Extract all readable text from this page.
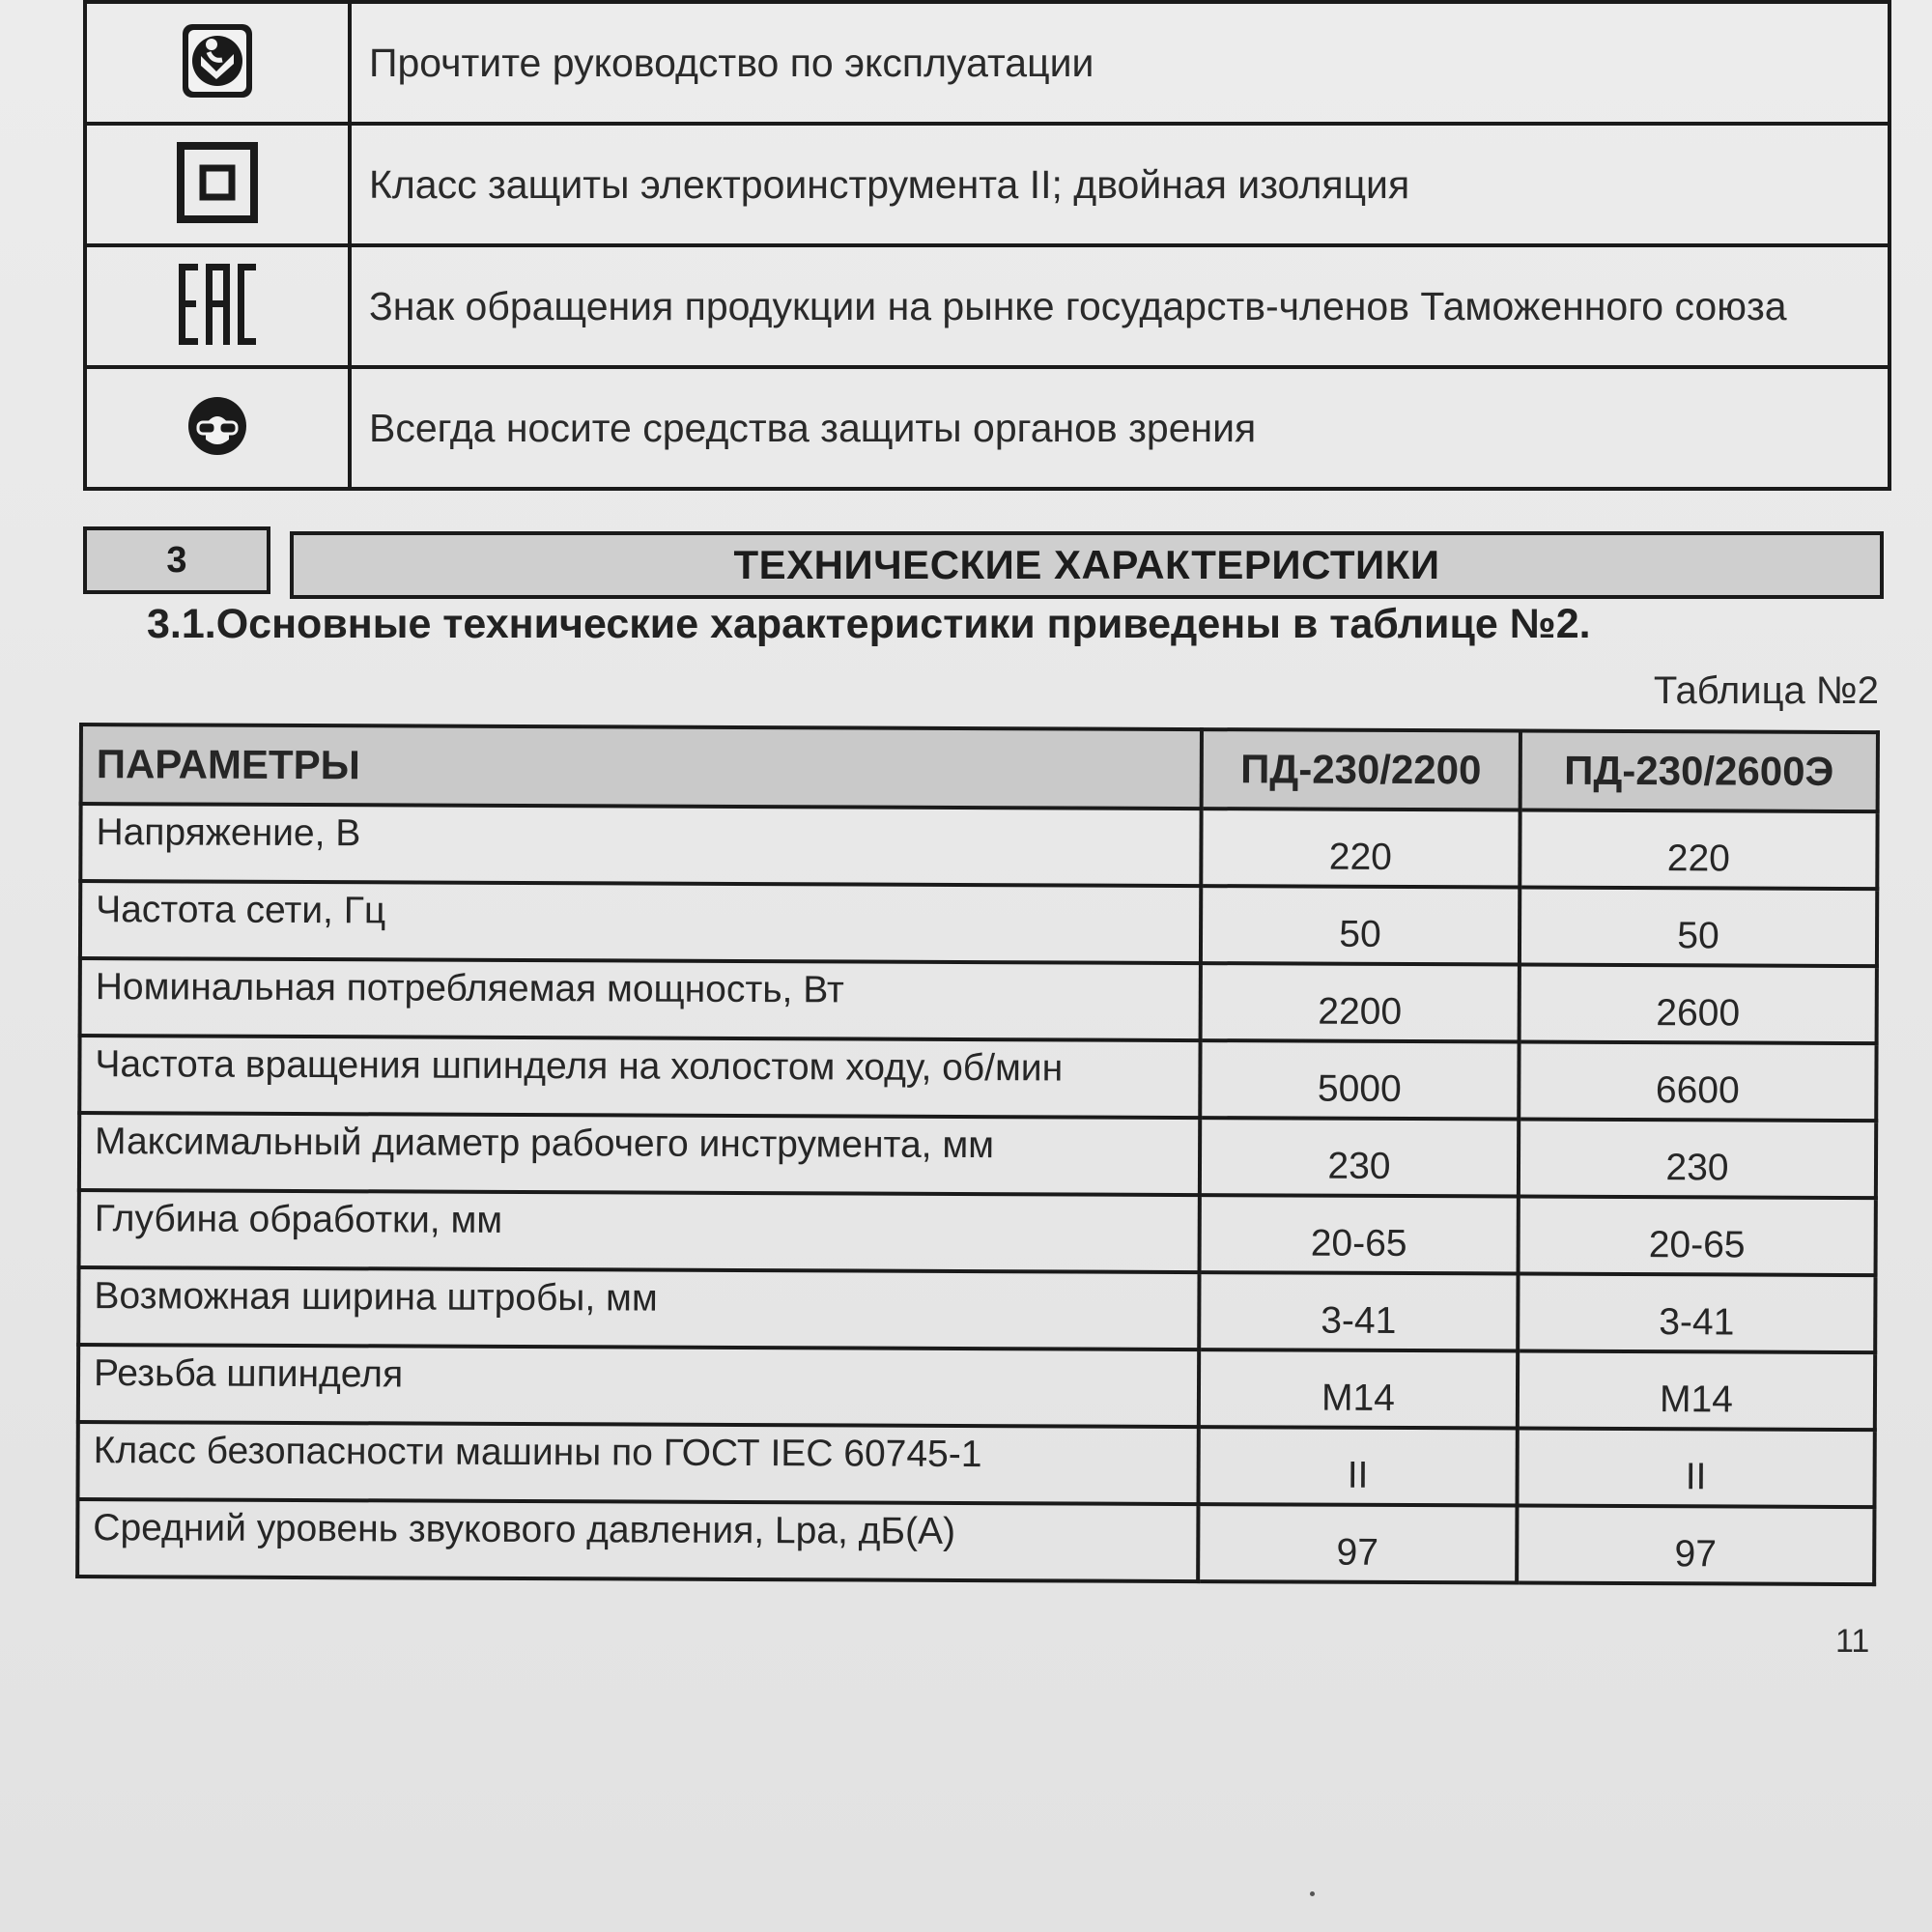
	Прочтите руководство по эксплуатации
	Класс защиты электроинструмента II; двойная изоляция
	Знак обращения продукции на рынке государств-членов Таможенного союза
	Всегда носите средства защиты органов зрения
3	ТЕХНИЧЕСКИЕ ХАРАКТЕРИСТИКИ
3.1.Основные технические характеристики приведены в таблице №2.
Таблица №2
ПАРАМЕТРЫ	ПД-230/2200	ПД-230/2600Э
Напряжение, В	220	220
Частота сети, Гц	50	50
Номинальная потребляемая мощность, Вт	2200	2600
Частота вращения шпинделя на холостом ходу, об/мин	5000	6600
Максимальный диаметр рабочего инструмента, мм	230	230
Глубина обработки, мм	20-65	20-65
Возможная ширина штробы, мм	3-41	3-41
Резьба шпинделя	М14	М14
Класс безопасности машины по ГОСТ IEC 60745-1	II	II
Средний уровень звукового давления, Lpa, дБ(А)	97	97
11
